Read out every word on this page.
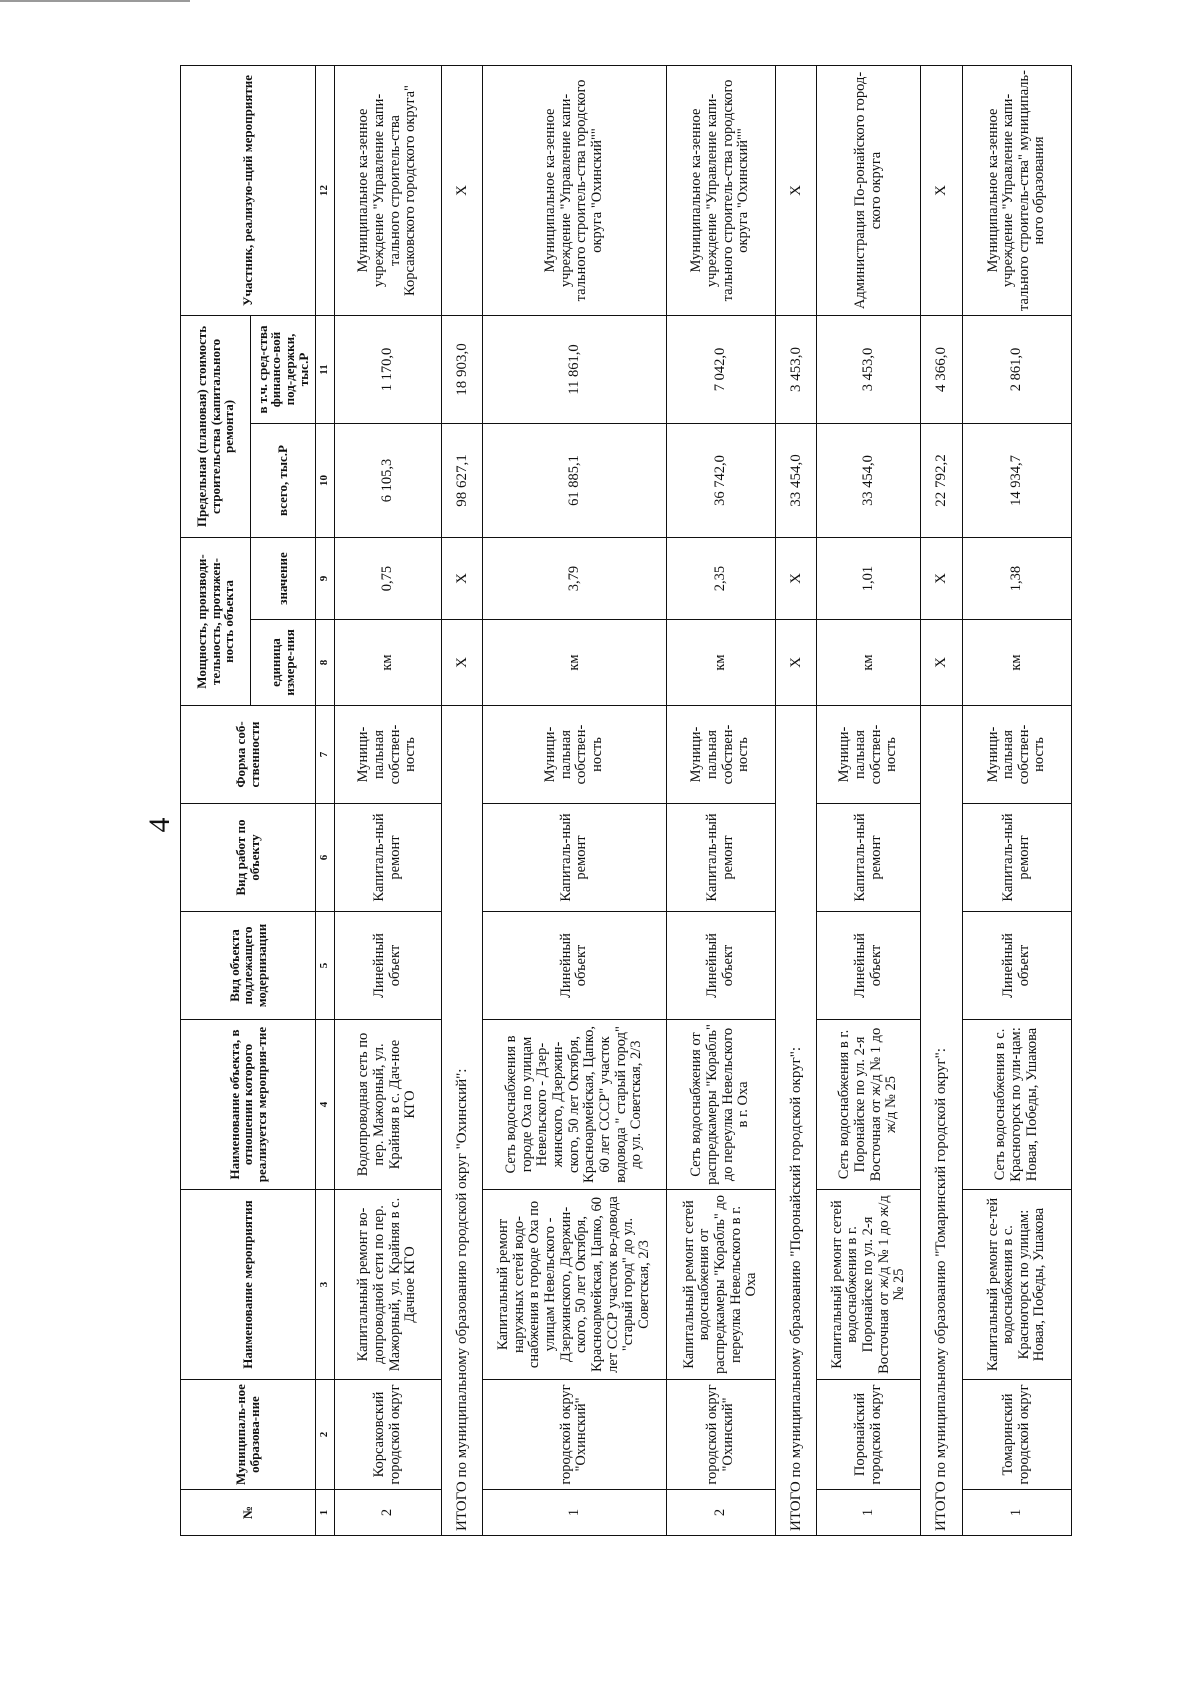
4
№	Муниципаль-ное образова-ние	Наименование мероприятия	Наименование объекта, в отношении которого реализуется мероприя-тие	Вид объекта подлежащего модернизации	Вид работ по объекту	Форма соб-ственности	Мощность, производи-тельность, протяжен-ность объекта		Предельная (плановая) стоимость строительства (капитального ремонта)		Участник, реализую-щий мероприятие
							единица измере-ния	значение	всего, тыс.Р	в т.ч. сред-ства финансо-вой под-держки, тыс.Р	
1	2	3	4	5	6	7	8	9	10	11	12
2	Корсаковский городской округ	Капитальный ремонт во-допроводной сети по пер. Мажорный, ул. Крайняя в с. Дачное КГО	Водопроводная сеть по пер. Мажорный, ул. Крайняя в с. Дач-ное КГО	Линейный объект	Капиталь-ный ремонт	Муници-пальная собствен-ность	км	0,75	6 105,3	1 170,0	Муниципальное ка-зенное учреждение "Управление капи-тального строитель-ства Корсаковского городского округа"
ИТОГО по муниципальному образованию городской округ "Охинский":							X	X	98 627,1	18 903,0	X
1	городской округ "Охинский"	Капитальный ремонт наружных сетей водо-снабжения в городе Оха по улицам Невельского - Дзержинского, Дзержин-ского, 50 лет Октября, Красноармейская, Цапко, 60 лет СССР участок во-довода "старый город" до ул. Советская, 2/3	Сеть водоснабжения в городе Оха по улицам Невельского - Дзер-жинского, Дзержин-ского, 50 лет Октября, Красноармейская, Цапко, 60 лет СССР" участок водовода " старый город" до ул. Советская, 2/3	Линейный объект	Капиталь-ный ремонт	Муници-пальная собствен-ность	км	3,79	61 885,1	11 861,0	Муниципальное ка-зенное учреждение "Управление капи-тального строитель-ства городского округа "Охинский""
2	городской округ "Охинский"	Капитальный ремонт сетей водоснабжения от распредкамеры "Корабль" до переулка Невельского в г. Оха	Сеть водоснабжения от распредкамеры "Корабль" до переулка Невельского в г. Оха	Линейный объект	Капиталь-ный ремонт	Муници-пальная собствен-ность	км	2,35	36 742,0	7 042,0	Муниципальное ка-зенное учреждение "Управление капи-тального строитель-ства городского округа "Охинский""
ИТОГО по муниципальному образованию "Поронайский городской округ":							X	X	33 454,0	3 453,0	X
1	Поронайский городской округ	Капитальный ремонт сетей водоснабжения в г. Поронайске по ул. 2-я Восточная от ж/д № 1 до ж/д № 25	Сеть водоснабжения в г. Поронайске по ул. 2-я Восточная от ж/д № 1 до ж/д № 25	Линейный объект	Капиталь-ный ремонт	Муници-пальная собствен-ность	км	1,01	33 454,0	3 453,0	Администрация По-ронайского город-ского округа
ИТОГО по муниципальному образованию "Томаринский городской округ":							X	X	22 792,2	4 366,0	X
1	Томаринский городской округ	Капитальный ремонт се-тей водоснабжения в с. Красногорск по улицам: Новая, Победы, Ушакова	Сеть водоснабжения в с. Красногорск по ули-цам: Новая, Победы, Ушакова	Линейный объект	Капиталь-ный ремонт	Муници-пальная собствен-ность	км	1,38	14 934,7	2 861,0	Муниципальное ка-зенное учреждение "Управление капи-тального строитель-ства" муниципаль-ного образования
